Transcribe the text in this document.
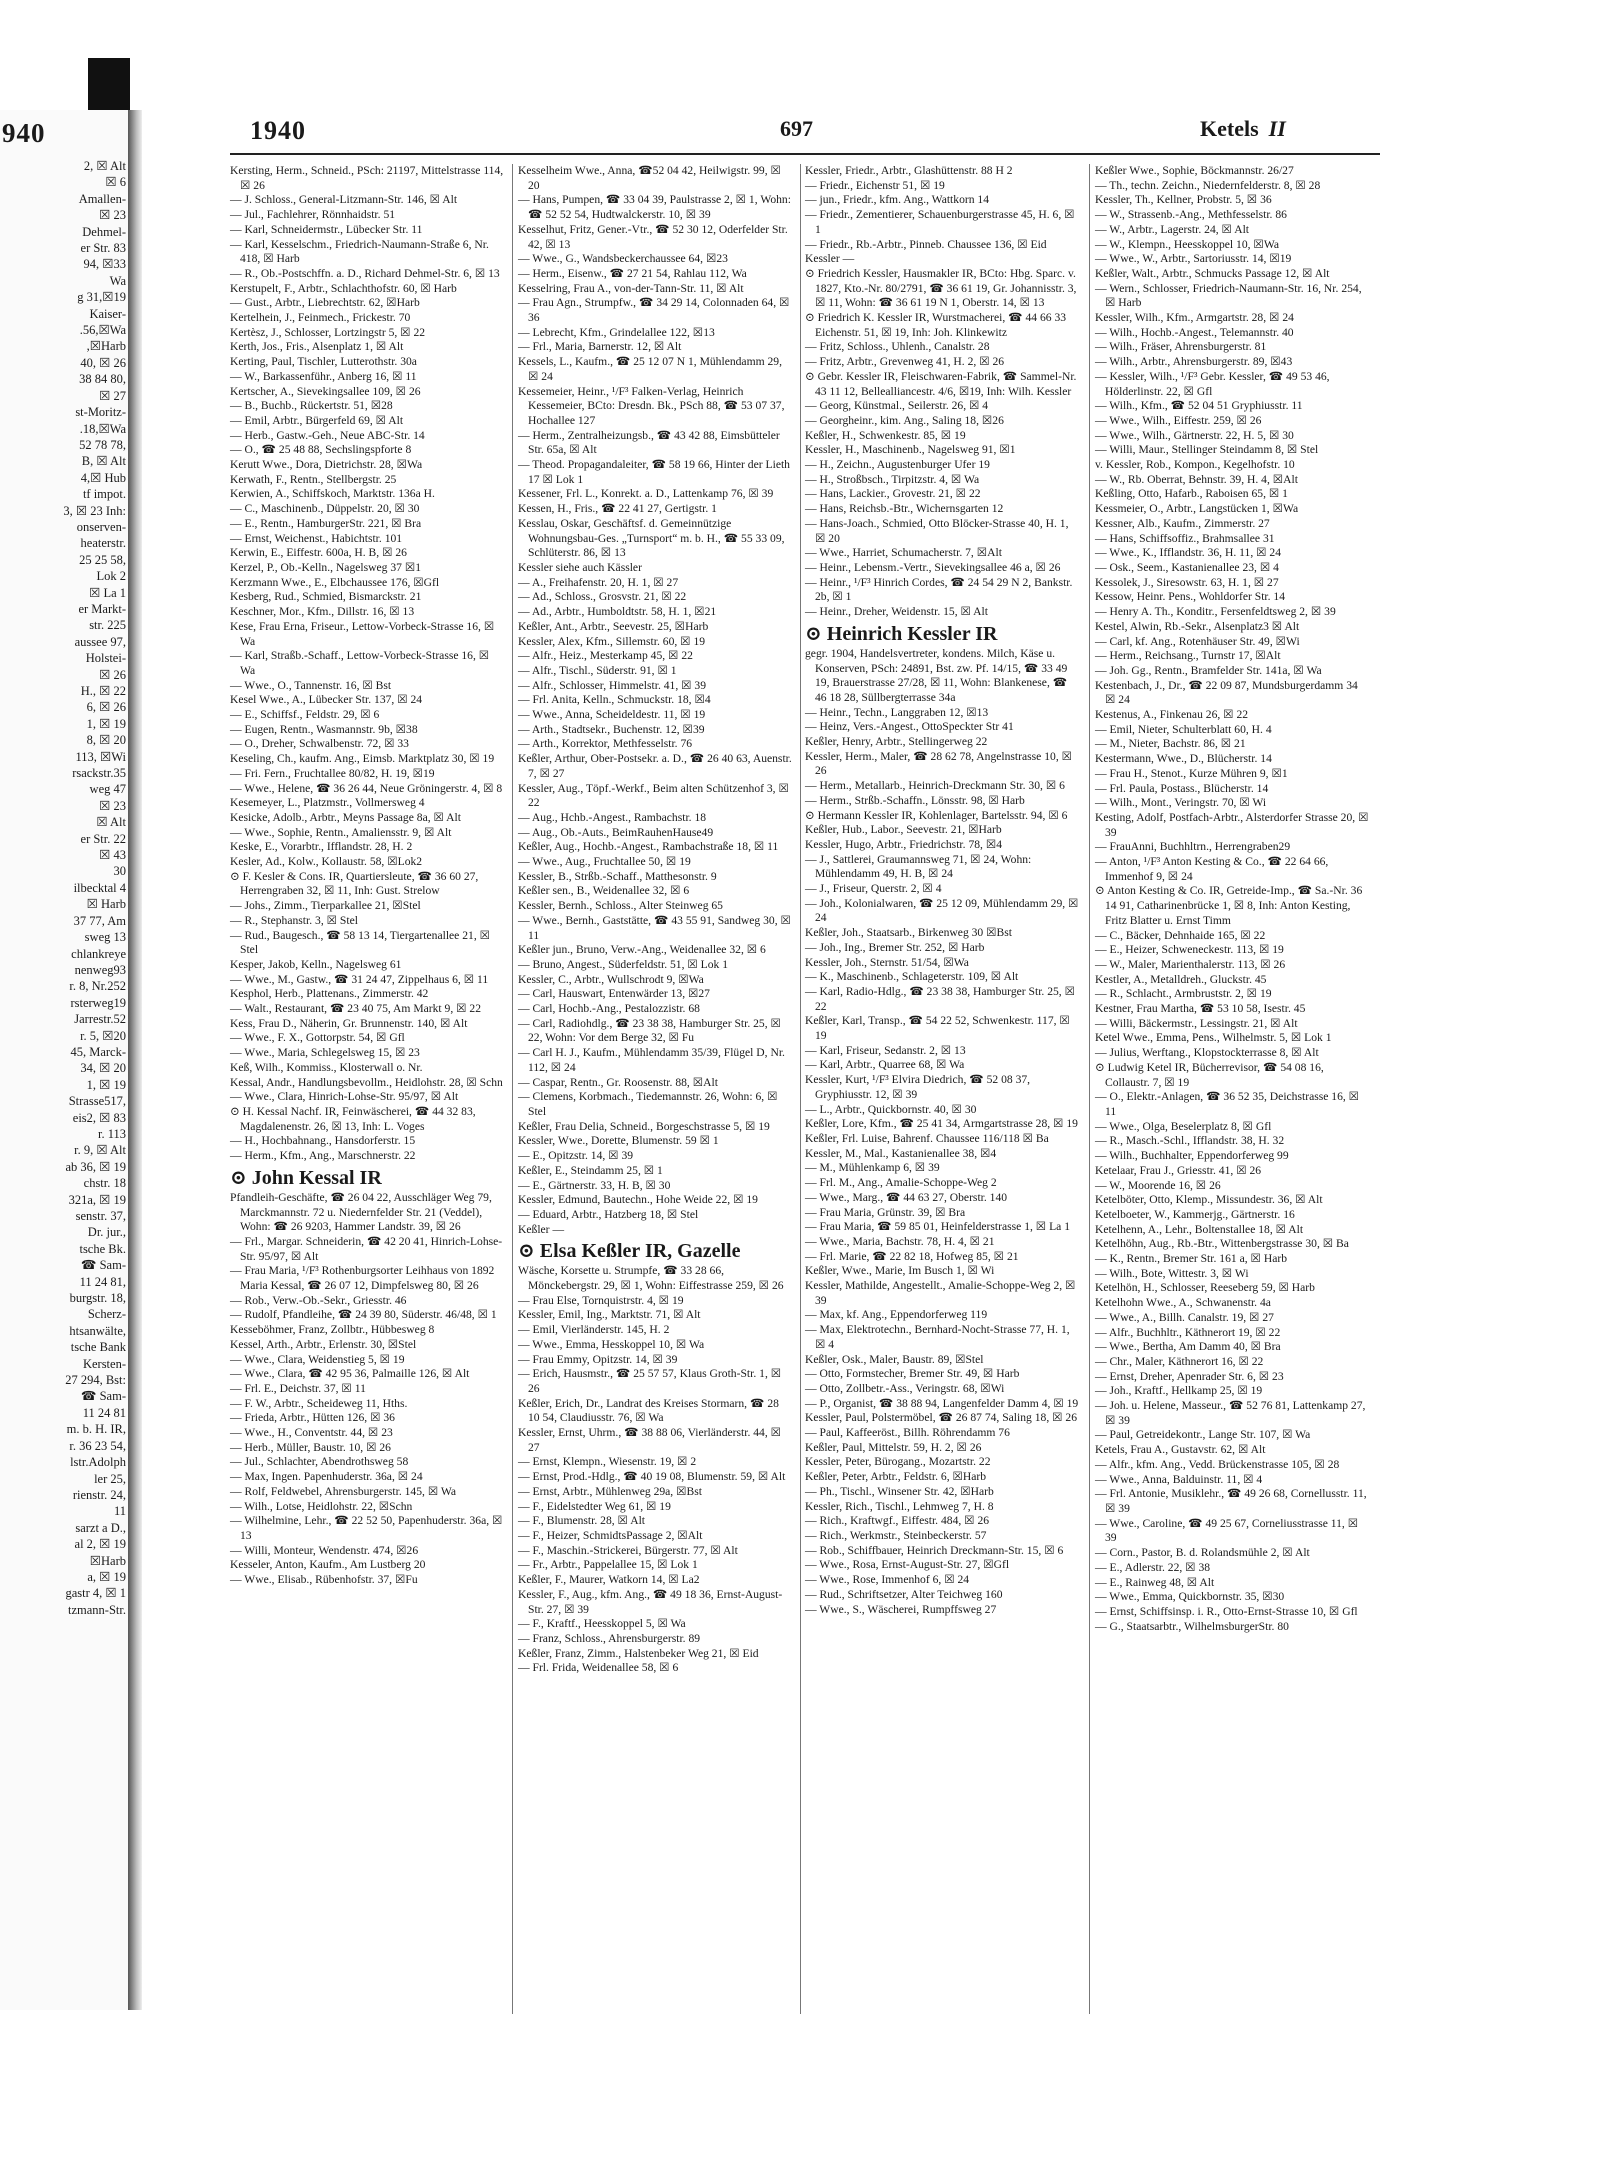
940
2, ☒ Alt
☒ 6
Amallen-
☒ 23
Dehmel-
er Str. 83
94, ☒33
Wa
g 31,☒19
Kaiser-
.56,☒Wa
,☒Harb
40, ☒ 26
38 84 80,
☒ 27
st-Moritz-
.18,☒Wa
52 78 78,
B, ☒ Alt
4,☒ Hub
tf impot.
3, ☒ 23 Inh:
onserven-
heaterstr.
25 25 58,
Lok 2
☒ La 1
er Markt-
str. 225
aussee 97,
Holstei-
☒ 26
H., ☒ 22
6, ☒ 26
1, ☒ 19
8, ☒ 20
113, ☒Wi
rsackstr.35
weg 47
☒ 23
☒ Alt
er Str. 22
☒ 43
30
ilbecktal 4
☒ Harb
37 77, Am
sweg 13
chlankreye
nenweg93
r. 8, Nr.252
rsterweg19
Jarrestr.52
r. 5, ☒20
45, Marck-
34, ☒ 20
1, ☒ 19
Strasse517,
eis2, ☒ 83
r. 113
r. 9, ☒ Alt
ab 36, ☒ 19
chstr. 18
321a, ☒ 19
senstr. 37,
Dr. jur.,
tsche Bk.
☎ Sam-
11 24 81,
burgstr. 18,
Scherz-
htsanwälte,
tsche Bank
Kersten-
27 294, Bst:
☎ Sam-
11 24 81
m. b. H. IR,
r. 36 23 54,
lstr.Adolph
ler 25,
rienstr. 24,
11
sarzt a D.,
al 2, ☒ 19
☒Harb
a, ☒ 19
gastr 4, ☒ 1
tzmann-Str.
1940	697	Ketels II

Kersting, Herm., Schneid., PSch: 21197, Mittelstrasse 114, ☒ 26

— J. Schloss., General-Litzmann-Str. 146, ☒ Alt

— Jul., Fachlehrer, Rönnhaidstr. 51

— Karl, Schneidermstr., Lübecker Str. 11

— Karl, Kesselschm., Friedrich-Naumann-Straße 6, Nr. 418, ☒ Harb

— R., Ob.-Postschffn. a. D., Richard Dehmel-Str. 6, ☒ 13

Kerstupelt, F., Arbtr., Schlachthofstr. 60, ☒ Harb

— Gust., Arbtr., Liebrechtstr. 62, ☒Harb

Kertelhein, J., Feinmech., Frickestr. 70

Kertèsz, J., Schlosser, Lortzingstr 5, ☒ 22

Kerth, Jos., Fris., Alsenplatz 1, ☒ Alt

Kerting, Paul, Tischler, Lutterothstr. 30a

— W., Barkassenführ., Anberg 16, ☒ 11

Kertscher, A., Sievekingsallee 109, ☒ 26

— B., Buchb., Rückertstr. 51, ☒28

— Emil, Arbtr., Bürgerfeld 69, ☒ Alt

— Herb., Gastw.-Geh., Neue ABC-Str. 14

— O., ☎ 25 48 88, Sechslingspforte 8

Kerutt Wwe., Dora, Dietrichstr. 28, ☒Wa

Kerwath, F., Rentn., Stellbergstr. 25

Kerwien, A., Schiffskoch, Marktstr. 136a H.

— C., Maschinenb., Düppelstr. 20, ☒ 30

— E., Rentn., HamburgerStr. 221, ☒ Bra

— Ernst, Weichenst., Habichtstr. 101

Kerwin, E., Eiffestr. 600a, H. B, ☒ 26

Kerzel, P., Ob.-Kelln., Nagelsweg 37 ☒1

Kerzmann Wwe., E., Elbchaussee 176, ☒Gfl

Kesberg, Rud., Schmied, Bismarckstr. 21

Keschner, Mor., Kfm., Dillstr. 16, ☒ 13

Kese, Frau Erna, Friseur., Lettow-Vorbeck-Strasse 16, ☒ Wa

— Karl, Straßb.-Schaff., Lettow-Vorbeck-Strasse 16, ☒ Wa

— Wwe., O., Tannenstr. 16, ☒ Bst

Kesel Wwe., A., Lübecker Str. 137, ☒ 24

— E., Schiffsf., Feldstr. 29, ☒ 6

— Eugen, Rentn., Wasmannstr. 9b, ☒38

— O., Dreher, Schwalbenstr. 72, ☒ 33

Keseling, Ch., kaufm. Ang., Eimsb. Marktplatz 30, ☒ 19

— Fri. Fern., Fruchtallee 80/82, H. 19, ☒19

— Wwe., Helene, ☎ 36 26 44, Neue Gröningerstr. 4, ☒ 8

Kesemeyer, L., Platzmstr., Vollmersweg 4

Kesicke, Adolb., Arbtr., Meyns Passage 8a, ☒ Alt

— Wwe., Sophie, Rentn., Amaliensstr. 9, ☒ Alt

Keske, E., Vorarbtr., Ifflandstr. 28, H. 2

Kesler, Ad., Kolw., Kollaustr. 58, ☒Lok2

⊙ F. Kesler & Cons. IR, Quartiersleute, ☎ 36 60 27, Herrengraben 32, ☒ 11, Inh: Gust. Strelow

— Johs., Zimm., Tierparkallee 21, ☒Stel

— R., Stephanstr. 3, ☒ Stel

— Rud., Baugesch., ☎ 58 13 14, Tiergartenallee 21, ☒ Stel

Kesper, Jakob, Kelln., Nagelsweg 61

— Wwe., M., Gastw., ☎ 31 24 47, Zippelhaus 6, ☒ 11

Kesphol, Herb., Plattenans., Zimmerstr. 42

— Walt., Restaurant, ☎ 23 40 75, Am Markt 9, ☒ 22

Kess, Frau D., Näherin, Gr. Brunnenstr. 140, ☒ Alt

— Wwe., F. X., Gottorpstr. 54, ☒ Gfl

— Wwe., Maria, Schlegelsweg 15, ☒ 23

Keß, Wilh., Kommiss., Klosterwall o. Nr.

Kessal, Andr., Handlungsbevollm., Heidlohstr. 28, ☒ Schn

— Wwe., Clara, Hinrich-Lohse-Str. 95/97, ☒ Alt

⊙ H. Kessal Nachf. IR, Feinwäscherei, ☎ 44 32 83, Magdalenenstr. 26, ☒ 13, Inh: L. Voges

— H., Hochbahnang., Hansdorferstr. 15

— Herm., Kfm., Ang., Marschnerstr. 22

⊙ John Kessal IR

Pfandleih-Geschäfte, ☎ 26 04 22, Ausschläger Weg 79, Marckmannstr. 72 u. Niedernfelder Str. 21 (Veddel), Wohn: ☎ 26 9203, Hammer Landstr. 39, ☒ 26

— Frl., Margar. Schneiderin, ☎ 42 20 41, Hinrich-Lohse-Str. 95/97, ☒ Alt

— Frau Maria, ¹/F³ Rothenburgsorter Leihhaus von 1892 Maria Kessal, ☎ 26 07 12, Dimpfelsweg 80, ☒ 26

— Rob., Verw.-Ob.-Sekr., Griesstr. 46

— Rudolf, Pfandleihe, ☎ 24 39 80, Süderstr. 46/48, ☒ 1

Kesseböhmer, Franz, Zollbtr., Hübbesweg 8

Kessel, Arth., Arbtr., Erlenstr. 30, ☒Stel

— Wwe., Clara, Weidenstieg 5, ☒ 19

— Wwe., Clara, ☎ 42 95 36, Palmaille 126, ☒ Alt

— Frl. E., Deichstr. 37, ☒ 11

— F. W., Arbtr., Scheideweg 11, Hths.

— Frieda, Arbtr., Hütten 126, ☒ 36

— Wwe., H., Conventstr. 44, ☒ 23

— Herb., Müller, Baustr. 10, ☒ 26

— Jul., Schlachter, Abendrothsweg 58

— Max, Ingen. Papenhuderstr. 36a, ☒ 24

— Rolf, Feldwebel, Ahrensburgerstr. 145, ☒ Wa

— Wilh., Lotse, Heidlohstr. 22, ☒Schn

— Wilhelmine, Lehr., ☎ 22 52 50, Papenhuderstr. 36a, ☒ 13

— Willi, Monteur, Wendenstr. 474, ☒26

Kesseler, Anton, Kaufm., Am Lustberg 20

— Wwe., Elisab., Rübenhofstr. 37, ☒Fu

Kesselheim Wwe., Anna, ☎52 04 42, Heilwigstr. 99, ☒ 20

— Hans, Pumpen, ☎ 33 04 39, Paulstrasse 2, ☒ 1, Wohn: ☎ 52 52 54, Hudtwalckerstr. 10, ☒ 39

Kesselhut, Fritz, Gener.-Vtr., ☎ 52 30 12, Oderfelder Str. 42, ☒ 13

— Wwe., G., Wandsbeckerchaussee 64, ☒23

— Herm., Eisenw., ☎ 27 21 54, Rahlau 112, Wa

Kesselring, Frau A., von-der-Tann-Str. 11, ☒ Alt

— Frau Agn., Strumpfw., ☎ 34 29 14, Colonnaden 64, ☒ 36

— Lebrecht, Kfm., Grindelallee 122, ☒13

— Frl., Maria, Barnerstr. 12, ☒ Alt

Kessels, L., Kaufm., ☎ 25 12 07 N 1, Mühlendamm 29, ☒ 24

Kessemeier, Heinr., ¹/F³ Falken-Verlag, Heinrich Kessemeier, BCto: Dresdn. Bk., PSch 88, ☎ 53 07 37, Hochallee 127

— Herm., Zentralheizungsb., ☎ 43 42 88, Eimsbütteler Str. 65a, ☒ Alt

— Theod. Propagandaleiter, ☎ 58 19 66, Hinter der Lieth 17 ☒ Lok 1

Kessener, Frl. L., Konrekt. a. D., Lattenkamp 76, ☒ 39

Kessen, H., Fris., ☎ 22 41 27, Gertigstr. 1

Kesslau, Oskar, Geschäftsf. d. Gemeinnützige Wohnungsbau-Ges. „Turnsport“ m. b. H., ☎ 55 33 09, Schlüterstr. 86, ☒ 13

Kessler siehe auch Kässler

— A., Freihafenstr. 20, H. 1, ☒ 27

— Ad., Schloss., Grosvstr. 21, ☒ 22

— Ad., Arbtr., Humboldtstr. 58, H. 1, ☒21

Keßler, Ant., Arbtr., Seevestr. 25, ☒Harb

Kessler, Alex, Kfm., Sillemstr. 60, ☒ 19

— Alfr., Heiz., Mesterkamp 45, ☒ 22

— Alfr., Tischl., Süderstr. 91, ☒ 1

— Alfr., Schlosser, Himmelstr. 41, ☒ 39

— Frl. Anita, Kelln., Schmuckstr. 18, ☒4

— Wwe., Anna, Scheideldestr. 11, ☒ 19

— Arth., Stadtsekr., Buchenstr. 12, ☒39

— Arth., Korrektor, Methfesselstr. 76

Keßler, Arthur, Ober-Postsekr. a. D., ☎ 26 40 63, Auenstr. 7, ☒ 27

Kessler, Aug., Töpf.-Werkf., Beim alten Schützenhof 3, ☒ 22

— Aug., Hchb.-Angest., Rambachstr. 18

— Aug., Ob.-Auts., BeimRauhenHause49

Keßler, Aug., Hochb.-Angest., Rambachstraße 18, ☒ 11

— Wwe., Aug., Fruchtallee 50, ☒ 19

Kessler, B., Strßb.-Schaff., Matthesonstr. 9

Keßler sen., B., Weidenallee 32, ☒ 6

Kessler, Bernh., Schloss., Alter Steinweg 65

— Wwe., Bernh., Gaststätte, ☎ 43 55 91, Sandweg 30, ☒ 11

Keßler jun., Bruno, Verw.-Ang., Weidenallee 32, ☒ 6

— Bruno, Angest., Süderfeldstr. 51, ☒ Lok 1

Kessler, C., Arbtr., Wullschrodt 9, ☒Wa

— Carl, Hauswart, Entenwärder 13, ☒27

— Carl, Hochb.-Ang., Pestalozzistr. 68

— Carl, Radiohdlg., ☎ 23 38 38, Hamburger Str. 25, ☒ 22, Wohn: Vor dem Berge 32, ☒ Fu

— Carl H. J., Kaufm., Mühlendamm 35/39, Flügel D, Nr. 112, ☒ 24

— Caspar, Rentn., Gr. Roosenstr. 88, ☒Alt

— Clemens, Korbmach., Tiedemannstr. 26, Wohn: 6, ☒ Stel

Keßler, Frau Delia, Schneid., Borgeschstrasse 5, ☒ 19

Kessler, Wwe., Dorette, Blumenstr. 59 ☒ 1

— E., Opitzstr. 14, ☒ 39

Keßler, E., Steindamm 25, ☒ 1

— E., Gärtnerstr. 33, H. B, ☒ 30

Kessler, Edmund, Bautechn., Hohe Weide 22, ☒ 19

— Eduard, Arbtr., Hatzberg 18, ☒ Stel

Keßler —

⊙ Elsa Keßler IR, Gazelle

Wäsche, Korsette u. Strumpfe, ☎ 33 28 66, Mönckebergstr. 29, ☒ 1, Wohn: Eiffestrasse 259, ☒ 26

— Frau Else, Tornquistrstr. 4, ☒ 19

Kessler, Emil, Ing., Marktstr. 71, ☒ Alt

— Emil, Vierländerstr. 145, H. 2

— Wwe., Emma, Hesskoppel 10, ☒ Wa

— Frau Emmy, Opitzstr. 14, ☒ 39

— Erich, Hausmstr., ☎ 25 57 57, Klaus Groth-Str. 1, ☒ 26

Keßler, Erich, Dr., Landrat des Kreises Stormarn, ☎ 28 10 54, Claudiusstr. 76, ☒ Wa

Kessler, Ernst, Uhrm., ☎ 38 88 06, Vierländerstr. 44, ☒ 27

— Ernst, Klempn., Wiesenstr. 19, ☒ 2

— Ernst, Prod.-Hdlg., ☎ 40 19 08, Blumenstr. 59, ☒ Alt

— Ernst, Arbtr., Mühlenweg 29a, ☒Bst

— F., Eidelstedter Weg 61, ☒ 19

— F., Blumenstr. 28, ☒ Alt

— F., Heizer, SchmidtsPassage 2, ☒Alt

— F., Maschin.-Strickerei, Bürgerstr. 77, ☒ Alt

— Fr., Arbtr., Pappelallee 15, ☒ Lok 1

Keßler, F., Maurer, Watkorn 14, ☒ La2

Kessler, F., Aug., kfm. Ang., ☎ 49 18 36, Ernst-August-Str. 27, ☒ 39

— F., Kraftf., Heesskoppel 5, ☒ Wa

— Franz, Schloss., Ahrensburgerstr. 89

Keßler, Franz, Zimm., Halstenbeker Weg 21, ☒ Eid

— Frl. Frida, Weidenallee 58, ☒ 6

Kessler, Friedr., Arbtr., Glashüttenstr. 88 H 2

— Friedr., Eichenstr 51, ☒ 19

— jun., Friedr., kfm. Ang., Wattkorn 14

— Friedr., Zementierer, Schauenburgerstrasse 45, H. 6, ☒ 1

— Friedr., Rb.-Arbtr., Pinneb. Chaussee 136, ☒ Eid

Kessler —

⊙ Friedrich Kessler, Hausmakler IR, BCto: Hbg. Sparc. v. 1827, Kto.-Nr. 80/2791, ☎ 36 61 19, Gr. Johannisstr. 3, ☒ 11, Wohn: ☎ 36 61 19 N 1, Oberstr. 14, ☒ 13

⊙ Friedrich K. Kessler IR, Wurstmacherei, ☎ 44 66 33 Eichenstr. 51, ☒ 19, Inh: Joh. Klinkewitz

— Fritz, Schloss., Uhlenh., Canalstr. 28

— Fritz, Arbtr., Grevenweg 41, H. 2, ☒ 26

⊙ Gebr. Kessler IR, Fleischwaren-Fabrik, ☎ Sammel-Nr. 43 11 12, Bellealliancestr. 4/6, ☒19, Inh: Wilh. Kessler

— Georg, Künstmal., Seilerstr. 26, ☒ 4

— Georgheinr., kim. Ang., Saling 18, ☒26

Keßler, H., Schwenkestr. 85, ☒ 19

Kessler, H., Maschinenb., Nagelsweg 91, ☒1

— H., Zeichn., Augustenburger Ufer 19

— H., Stroßbsch., Tirpitzstr. 4, ☒ Wa

— Hans, Lackier., Grovestr. 21, ☒ 22

— Hans, Reichsb.-Btr., Wichernsgarten 12

— Hans-Joach., Schmied, Otto Blöcker-Strasse 40, H. 1, ☒ 20

— Wwe., Harriet, Schumacherstr. 7, ☒Alt

— Heinr., Lebensm.-Vertr., Sievekingsallee 46 a, ☒ 26

— Heinr., ¹/F³ Hinrich Cordes, ☎ 24 54 29 N 2, Bankstr. 2b, ☒ 1

— Heinr., Dreher, Weidenstr. 15, ☒ Alt

⊙ Heinrich Kessler IR

gegr. 1904, Handelsvertreter, kondens. Milch, Käse u. Konserven, PSch: 24891, Bst. zw. Pf. 14/15, ☎ 33 49 19, Brauerstrasse 27/28, ☒ 11, Wohn: Blankenese, ☎ 46 18 28, Süllbergterrasse 34a

— Heinr., Techn., Langgraben 12, ☒13

— Heinz, Vers.-Angest., OttoSpeckter Str 41

Keßler, Henry, Arbtr., Stellingerweg 22

Kessler, Herm., Maler, ☎ 28 62 78, Angelnstrasse 10, ☒ 26

— Herm., Metallarb., Heinrich-Dreckmann Str. 30, ☒ 6

— Herm., Strßb.-Schaffn., Lönsstr. 98, ☒ Harb

⊙ Hermann Kessler IR, Kohlenlager, Bartelsstr. 94, ☒ 6

Keßler, Hub., Labor., Seevestr. 21, ☒Harb

Kessler, Hugo, Arbtr., Friedrichstr. 78, ☒4

— J., Sattlerei, Graumannsweg 71, ☒ 24, Wohn: Mühlendamm 49, H. B, ☒ 24

— J., Friseur, Querstr. 2, ☒ 4

— Joh., Kolonialwaren, ☎ 25 12 09, Mühlendamm 29, ☒ 24

Keßler, Joh., Staatsarb., Birkenweg 30 ☒Bst

— Joh., Ing., Bremer Str. 252, ☒ Harb

Kessler, Joh., Sternstr. 51/54, ☒Wa

— K., Maschinenb., Schlageterstr. 109, ☒ Alt

— Karl, Radio-Hdlg., ☎ 23 38 38, Hamburger Str. 25, ☒ 22

Keßler, Karl, Transp., ☎ 54 22 52, Schwenkestr. 117, ☒ 19

— Karl, Friseur, Sedanstr. 2, ☒ 13

— Karl, Arbtr., Quarree 68, ☒ Wa

Kessler, Kurt, ¹/F³ Elvira Diedrich, ☎ 52 08 37, Gryphiusstr. 12, ☒ 39

— L., Arbtr., Quickbornstr. 40, ☒ 30

Keßler, Lore, Kfm., ☎ 25 41 34, Armgartstrasse 28, ☒ 19

Keßler, Frl. Luise, Bahrenf. Chaussee 116/118 ☒ Ba

Kessler, M., Mal., Kastanienallee 38, ☒4

— M., Mühlenkamp 6, ☒ 39

— Frl. M., Ang., Amalie-Schoppe-Weg 2

— Wwe., Marg., ☎ 44 63 27, Oberstr. 140

— Frau Maria, Grünstr. 39, ☒ Bra

— Frau Maria, ☎ 59 85 01, Heinfelderstrasse 1, ☒ La 1

— Wwe., Maria, Bachstr. 78, H. 4, ☒ 21

— Frl. Marie, ☎ 22 82 18, Hofweg 85, ☒ 21

Keßler, Wwe., Marie, Im Busch 1, ☒ Wi

Kessler, Mathilde, Angestellt., Amalie-Schoppe-Weg 2, ☒ 39

— Max, kf. Ang., Eppendorferweg 119

— Max, Elektrotechn., Bernhard-Nocht-Strasse 77, H. 1, ☒ 4

Keßler, Osk., Maler, Baustr. 89, ☒Stel

— Otto, Formstecher, Bremer Str. 49, ☒ Harb

— Otto, Zollbetr.-Ass., Veringstr. 68, ☒Wi

— P., Organist, ☎ 38 88 94, Langenfelder Damm 4, ☒ 19

Kessler, Paul, Polstermöbel, ☎ 26 87 74, Saling 18, ☒ 26

— Paul, Kaffeeröst., Billh. Röhrendamm 76

Keßler, Paul, Mittelstr. 59, H. 2, ☒ 26

Kessler, Peter, Bürogang., Mozartstr. 22

Keßler, Peter, Arbtr., Feldstr. 6, ☒Harb

— Ph., Tischl., Winsener Str. 42, ☒Harb

Kessler, Rich., Tischl., Lehmweg 7, H. 8

— Rich., Kraftwgf., Eiffestr. 484, ☒ 26

— Rich., Werkmstr., Steinbeckerstr. 57

— Rob., Schiffbauer, Heinrich Dreckmann-Str. 15, ☒ 6

— Wwe., Rosa, Ernst-August-Str. 27, ☒Gfl

— Wwe., Rose, Immenhof 6, ☒ 24

— Rud., Schriftsetzer, Alter Teichweg 160

— Wwe., S., Wäscherei, Rumpffsweg 27

Keßler Wwe., Sophie, Böckmannstr. 26/27

— Th., techn. Zeichn., Niedernfelderstr. 8, ☒ 28

Kessler, Th., Kellner, Probstr. 5, ☒ 36

— W., Strassenb.-Ang., Methfesselstr. 86

— W., Arbtr., Lagerstr. 24, ☒ Alt

— W., Klempn., Heesskoppel 10, ☒Wa

— Wwe., W., Arbtr., Sartoriusstr. 14, ☒19

Keßler, Walt., Arbtr., Schmucks Passage 12, ☒ Alt

— Wern., Schlosser, Friedrich-Naumann-Str. 16, Nr. 254, ☒ Harb

Kessler, Wilh., Kfm., Armgartstr. 28, ☒ 24

— Wilh., Hochb.-Angest., Telemannstr. 40

— Wilh., Fräser, Ahrensburgerstr. 81

— Wilh., Arbtr., Ahrensburgerstr. 89, ☒43

— Kessler, Wilh., ¹/F³ Gebr. Kessler, ☎ 49 53 46, Hölderlinstr. 22, ☒ Gfl

— Wilh., Kfm., ☎ 52 04 51 Gryphiusstr. 11

— Wwe., Wilh., Eiffestr. 259, ☒ 26

— Wwe., Wilh., Gärtnerstr. 22, H. 5, ☒ 30

— Willi, Maur., Stellinger Steindamm 8, ☒ Stel

v. Kessler, Rob., Kompon., Kegelhofstr. 10

— W., Rb. Oberrat, Behnstr. 39, H. 4, ☒Alt

Keßling, Otto, Hafarb., Raboisen 65, ☒ 1

Kessmeier, O., Arbtr., Langstücken 1, ☒Wa

Kessner, Alb., Kaufm., Zimmerstr. 27

— Hans, Schiffsoffiz., Brahmsallee 31

— Wwe., K., Ifflandstr. 36, H. 11, ☒ 24

— Osk., Seem., Kastanienallee 23, ☒ 4

Kessolek, J., Siresowstr. 63, H. 1, ☒ 27

Kessow, Heinr. Pens., Wohldorfer Str. 14

— Henry A. Th., Konditr., Fersenfeldtsweg 2, ☒ 39

Kestel, Alwin, Rb.-Sekr., Alsenplatz3 ☒ Alt

— Carl, kf. Ang., Rotenhäuser Str. 49, ☒Wi

— Herm., Reichsang., Turnstr 17, ☒Alt

— Joh. Gg., Rentn., Bramfelder Str. 141a, ☒ Wa

Kestenbach, J., Dr., ☎ 22 09 87, Mundsburgerdamm 34 ☒ 24

Kestenus, A., Finkenau 26, ☒ 22

— Emil, Nieter, Schulterblatt 60, H. 4

— M., Nieter, Bachstr. 86, ☒ 21

Kestermann, Wwe., D., Blücherstr. 14

— Frau H., Stenot., Kurze Mühren 9, ☒1

— Frl. Paula, Postass., Blücherstr. 14

— Wilh., Mont., Veringstr. 70, ☒ Wi

Kesting, Adolf, Postfach-Arbtr., Alsterdorfer Strasse 20, ☒ 39

— FrauAnni, Buchhltrn., Herrengraben29

— Anton, ¹/F³ Anton Kesting & Co., ☎ 22 64 66, Immenhof 9, ☒ 24

⊙ Anton Kesting & Co. IR, Getreide-Imp., ☎ Sa.-Nr. 36 14 91, Catharinenbrücke 1, ☒ 8, Inh: Anton Kesting, Fritz Blatter u. Ernst Timm

— C., Bäcker, Dehnhaide 165, ☒ 22

— E., Heizer, Schweneckestr. 113, ☒ 19

— W., Maler, Marienthalerstr. 113, ☒ 26

Kestler, A., Metalldreh., Gluckstr. 45

— R., Schlacht., Armbruststr. 2, ☒ 19

Kestner, Frau Martha, ☎ 53 10 58, Isestr. 45

— Willi, Bäckermstr., Lessingstr. 21, ☒ Alt

Ketel Wwe., Emma, Pens., Wilhelmstr. 5, ☒ Lok 1

— Julius, Werftang., Klopstockterrasse 8, ☒ Alt

⊙ Ludwig Ketel IR, Bücherrevisor, ☎ 54 08 16, Collaustr. 7, ☒ 19

— O., Elektr.-Anlagen, ☎ 36 52 35, Deichstrasse 16, ☒ 11

— Wwe., Olga, Beselerplatz 8, ☒ Gfl

— R., Masch.-Schl., Ifflandstr. 38, H. 32

— Wilh., Buchhalter, Eppendorferweg 99

Ketelaar, Frau J., Griesstr. 41, ☒ 26

— W., Moorende 16, ☒ 26

Ketelböter, Otto, Klemp., Missundestr. 36, ☒ Alt

Ketelboeter, W., Kammerjg., Gärtnerstr. 16

Ketelhenn, A., Lehr., Boltenstallee 18, ☒ Alt

Ketelhöhn, Aug., Rb.-Btr., Wittenbergstrasse 30, ☒ Ba

— K., Rentn., Bremer Str. 161 a, ☒ Harb

— Wilh., Bote, Wittestr. 3, ☒ Wi

Ketelhön, H., Schlosser, Reeseberg 59, ☒ Harb

Ketelhohn Wwe., A., Schwanenstr. 4a

— Wwe., A., Billh. Canalstr. 19, ☒ 27

— Alfr., Buchhltr., Käthnerort 19, ☒ 22

— Wwe., Bertha, Am Damm 40, ☒ Bra

— Chr., Maler, Käthnerort 16, ☒ 22

— Ernst, Dreher, Apenrader Str. 6, ☒ 23

— Joh., Kraftf., Hellkamp 25, ☒ 19

— Joh. u. Helene, Masseur., ☎ 52 76 81, Lattenkamp 27, ☒ 39

— Paul, Getreidekontr., Lange Str. 107, ☒ Wa

Ketels, Frau A., Gustavstr. 62, ☒ Alt

— Alfr., kfm. Ang., Vedd. Brückenstrasse 105, ☒ 28

— Wwe., Anna, Balduinstr. 11, ☒ 4

— Frl. Antonie, Musiklehr., ☎ 49 26 68, Cornellusstr. 11, ☒ 39

— Wwe., Caroline, ☎ 49 25 67, Corneliusstrasse 11, ☒ 39

— Corn., Pastor, B. d. Rolandsmühle 2, ☒ Alt

— E., Adlerstr. 22, ☒ 38

— E., Rainweg 48, ☒ Alt

— Wwe., Emma, Quickbornstr. 35, ☒30

— Ernst, Schiffsinsp. i. R., Otto-Ernst-Strasse 10, ☒ Gfl

— G., Staatsarbtr., WilhelmsburgerStr. 80
